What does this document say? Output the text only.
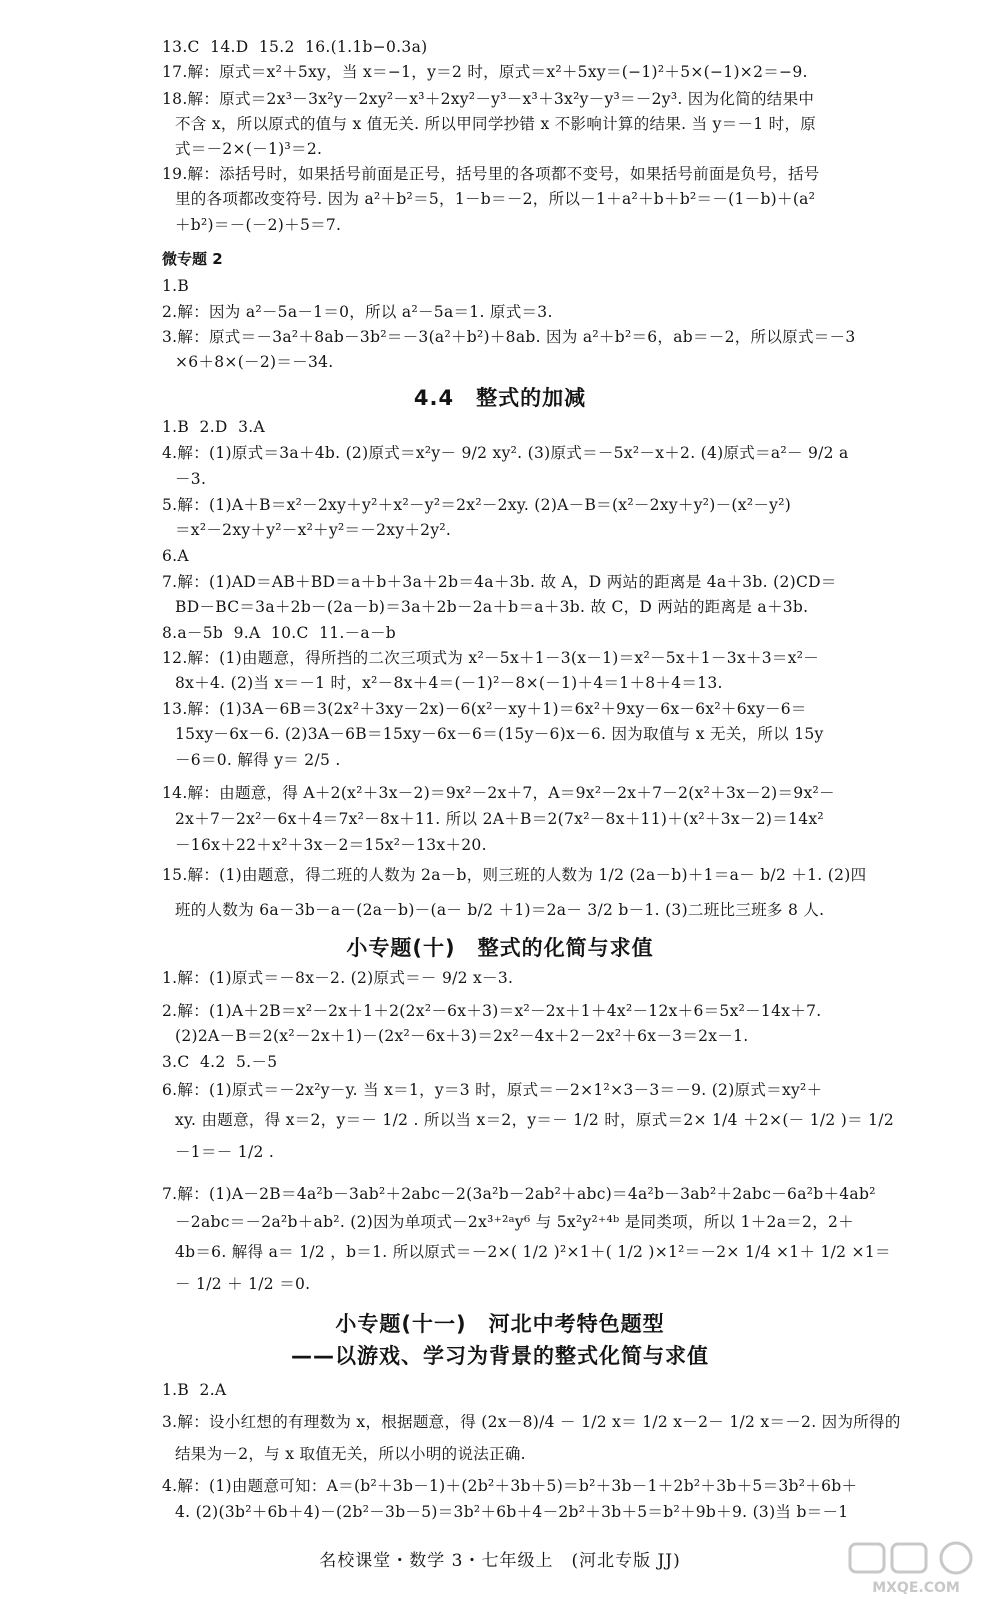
13.C  14.D  15.2  16.(1.1b−0.3a)
17.解：原式＝x²＋5xy，当 x＝−1，y＝2 时，原式＝x²＋5xy＝(−1)²＋5×(−1)×2＝−9.
18.解：原式＝2x³－3x²y－2xy²－x³＋2xy²－y³－x³＋3x²y－y³＝－2y³. 因为化简的结果中
不含 x，所以原式的值与 x 值无关. 所以甲同学抄错 x 不影响计算的结果. 当 y＝－1 时，原
式＝－2×(－1)³＝2.
19.解：添括号时，如果括号前面是正号，括号里的各项都不变号，如果括号前面是负号，括号
里的各项都改变符号. 因为 a²＋b²＝5，1－b＝－2，所以－1＋a²＋b＋b²＝－(1－b)＋(a²
＋b²)＝－(－2)＋5＝7.
微专题 2
1.B
2.解：因为 a²－5a－1＝0，所以 a²－5a＝1. 原式＝3.
3.解：原式＝－3a²＋8ab－3b²＝－3(a²＋b²)＋8ab. 因为 a²＋b²＝6，ab＝－2，所以原式＝－3
×6＋8×(－2)＝－34.
4.4　整式的加减
1.B  2.D  3.A
4.解：(1)原式＝3a＋4b. (2)原式＝x²y－ 9/2 xy². (3)原式＝－5x²－x＋2. (4)原式＝a²－ 9/2 a
－3.
5.解：(1)A＋B＝x²－2xy＋y²＋x²－y²＝2x²－2xy. (2)A－B＝(x²－2xy＋y²)－(x²－y²)
＝x²－2xy＋y²－x²＋y²＝－2xy＋2y².
6.A
7.解：(1)AD＝AB＋BD＝a＋b＋3a＋2b＝4a＋3b. 故 A，D 两站的距离是 4a＋3b. (2)CD＝
BD－BC＝3a＋2b－(2a－b)＝3a＋2b－2a＋b＝a＋3b. 故 C，D 两站的距离是 a＋3b.
8.a－5b  9.A  10.C  11.－a－b
12.解：(1)由题意，得所挡的二次三项式为 x²－5x＋1－3(x－1)＝x²－5x＋1－3x＋3＝x²－
8x＋4. (2)当 x＝－1 时，x²－8x＋4＝(－1)²－8×(－1)＋4＝1＋8＋4＝13.
13.解：(1)3A－6B＝3(2x²＋3xy－2x)－6(x²－xy＋1)＝6x²＋9xy－6x－6x²＋6xy－6＝
15xy－6x－6. (2)3A－6B＝15xy－6x－6＝(15y－6)x－6. 因为取值与 x 无关，所以 15y
－6＝0. 解得 y＝ 2/5 .
14.解：由题意，得 A＋2(x²＋3x－2)＝9x²－2x＋7，A＝9x²－2x＋7－2(x²＋3x－2)＝9x²－
2x＋7－2x²－6x＋4＝7x²－8x＋11. 所以 2A＋B＝2(7x²－8x＋11)＋(x²＋3x－2)＝14x²
－16x＋22＋x²＋3x－2＝15x²－13x＋20.
15.解：(1)由题意，得二班的人数为 2a－b，则三班的人数为 1/2 (2a－b)＋1＝a－ b/2 ＋1. (2)四
班的人数为 6a－3b－a－(2a－b)－(a－ b/2 ＋1)＝2a－ 3/2 b－1. (3)二班比三班多 8 人.
小专题(十)　整式的化简与求值
1.解：(1)原式＝－8x－2. (2)原式＝－ 9/2 x－3.
2.解：(1)A＋2B＝x²－2x＋1＋2(2x²－6x＋3)＝x²－2x＋1＋4x²－12x＋6＝5x²－14x＋7.
(2)2A－B＝2(x²－2x＋1)－(2x²－6x＋3)＝2x²－4x＋2－2x²＋6x－3＝2x－1.
3.C  4.2  5.－5
6.解：(1)原式＝－2x²y－y. 当 x＝1，y＝3 时，原式＝－2×1²×3－3＝－9. (2)原式＝xy²＋
xy. 由题意，得 x＝2，y＝－ 1/2 . 所以当 x＝2，y＝－ 1/2 时，原式＝2× 1/4 ＋2×(－ 1/2 )＝ 1/2
－1＝－ 1/2 .
7.解：(1)A－2B＝4a²b－3ab²＋2abc－2(3a²b－2ab²＋abc)＝4a²b－3ab²＋2abc－6a²b＋4ab²
－2abc＝－2a²b＋ab². (2)因为单项式－2x³⁺²ᵃy⁶ 与 5x²y²⁺⁴ᵇ 是同类项，所以 1＋2a＝2，2＋
4b＝6. 解得 a＝ 1/2 ，b＝1. 所以原式＝－2×( 1/2 )²×1＋( 1/2 )×1²＝－2× 1/4 ×1＋ 1/2 ×1＝
－ 1/2 ＋ 1/2 ＝0.
小专题(十一)　河北中考特色题型
——以游戏、学习为背景的整式化简与求值
1.B  2.A
3.解：设小红想的有理数为 x，根据题意，得 (2x－8)/4 － 1/2 x＝ 1/2 x－2－ 1/2 x＝－2. 因为所得的
结果为－2，与 x 取值无关，所以小明的说法正确.
4.解：(1)由题意可知：A＝(b²＋3b－1)＋(2b²＋3b＋5)＝b²＋3b－1＋2b²＋3b＋5＝3b²＋6b＋
4. (2)(3b²＋6b＋4)－(2b²－3b－5)＝3b²＋6b＋4－2b²＋3b＋5＝b²＋9b＋9. (3)当 b＝－1
名校课堂・数学 3・七年级上　(河北专版 JJ)
MXQE.COM
